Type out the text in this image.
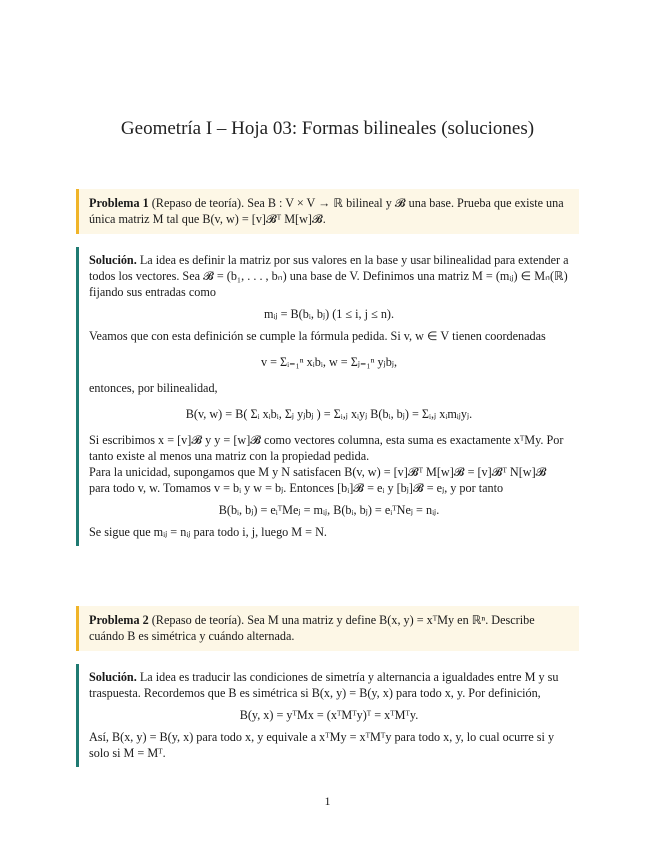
Geometría I – Hoja 03: Formas bilineales (soluciones)

Problema 1 (Repaso de teoría). Sea B : V × V → ℝ bilineal y 𝓑 una base. Prueba que existe una única matriz M tal que B(v, w) = [v]𝓑ᵀ M[w]𝓑.

Solución. La idea es definir la matriz por sus valores en la base y usar bilinealidad para extender a todos los vectores. Sea 𝓑 = (b₁, . . . , bₙ) una base de V. Definimos una matriz M = (mᵢⱼ) ∈ Mₙ(ℝ) fijando sus entradas como

mᵢⱼ = B(bᵢ, bⱼ) (1 ≤ i, j ≤ n).

Veamos que con esta definición se cumple la fórmula pedida. Si v, w ∈ V tienen coordenadas

v = Σᵢ₌₁ⁿ xᵢbᵢ, w = Σⱼ₌₁ⁿ yⱼbⱼ,

entonces, por bilinealidad,

B(v, w) = B( Σᵢ xᵢbᵢ, Σⱼ yⱼbⱼ ) = Σᵢ,ⱼ xᵢyⱼ B(bᵢ, bⱼ) = Σᵢ,ⱼ xᵢmᵢⱼyⱼ.

Si escribimos x = [v]𝓑 y y = [w]𝓑 como vectores columna, esta suma es exactamente xᵀMy. Por tanto existe al menos una matriz con la propiedad pedida.

Para la unicidad, supongamos que M y N satisfacen B(v, w) = [v]𝓑ᵀ M[w]𝓑 = [v]𝓑ᵀ N[w]𝓑 para todo v, w. Tomamos v = bᵢ y w = bⱼ. Entonces [bᵢ]𝓑 = eᵢ y [bⱼ]𝓑 = eⱼ, y por tanto

B(bᵢ, bⱼ) = eᵢᵀMeⱼ = mᵢⱼ, B(bᵢ, bⱼ) = eᵢᵀNeⱼ = nᵢⱼ.

Se sigue que mᵢⱼ = nᵢⱼ para todo i, j, luego M = N.

Problema 2 (Repaso de teoría). Sea M una matriz y define B(x, y) = xᵀMy en ℝⁿ. Describe cuándo B es simétrica y cuándo alternada.

Solución. La idea es traducir las condiciones de simetría y alternancia a igualdades entre M y su traspuesta. Recordemos que B es simétrica si B(x, y) = B(y, x) para todo x, y. Por definición,

B(y, x) = yᵀMx = (xᵀMᵀy)ᵀ = xᵀMᵀy.

Así, B(x, y) = B(y, x) para todo x, y equivale a xᵀMy = xᵀMᵀy para todo x, y, lo cual ocurre si y solo si M = Mᵀ.

1
